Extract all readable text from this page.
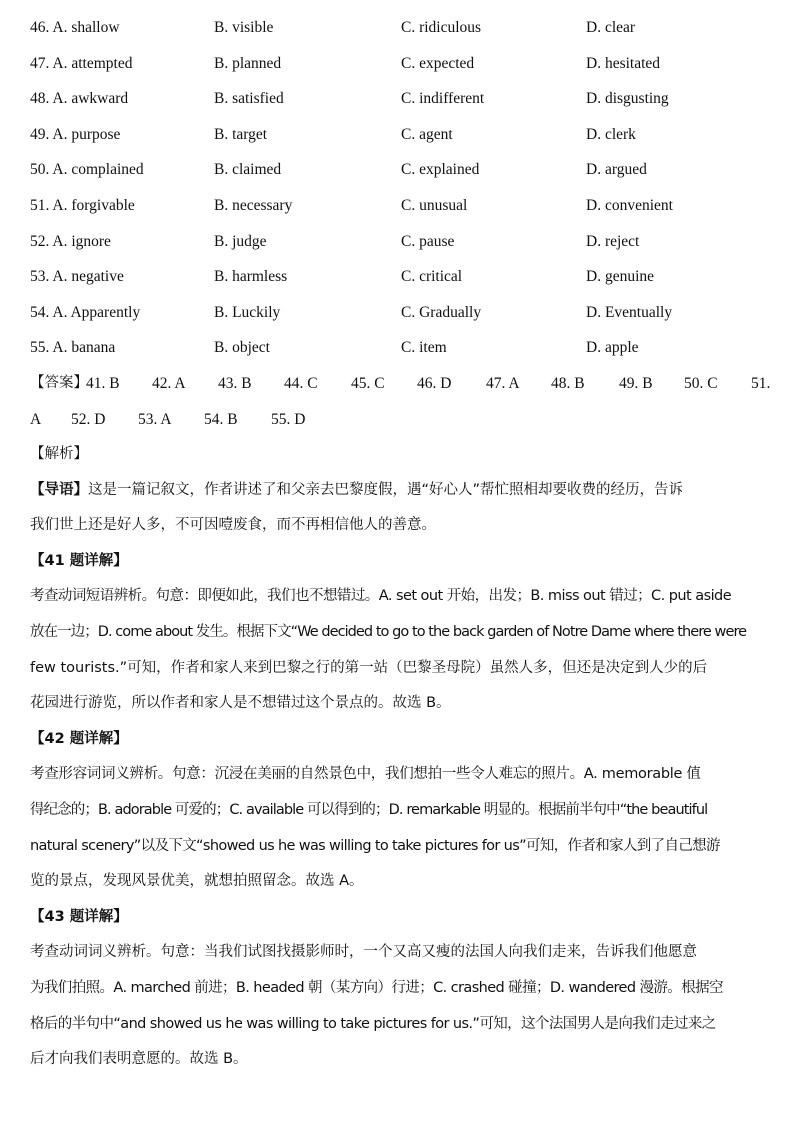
46. A. shallow	B. visible	C. ridiculous	D. clear
47. A. attempted	B. planned	C. expected	D. hesitated
48. A. awkward	B. satisfied	C. indifferent	D. disgusting
49. A. purpose	B. target	C. agent	D. clerk
50. A. complained	B. claimed	C. explained	D. argued
51. A. forgivable	B. necessary	C. unusual	D. convenient
52. A. ignore	B. judge	C. pause	D. reject
53. A. negative	B. harmless	C. critical	D. genuine
54. A. Apparently	B. Luckily	C. Gradually	D. Eventually
55. A. banana	B. object	C. item	D. apple
【答案】
41. B 42. A 43. B 44. C 45. C 46. D 47. A 48. B 49. B 50. C 51.
A 52. D 53. A 54. B 55. D
【解析】
【导语】这是一篇记叙文，作者讲述了和父亲去巴黎度假，遇“好心人”帮忙照相却要收费的经历，告诉
我们世上还是好人多，不可因噎废食，而不再相信他人的善意。
【41 题详解】
考查动词短语辨析。句意：即便如此，我们也不想错过。A. set out 开始，出发；B. miss out 错过；C. put aside
放在一边；D. come about 发生。根据下文“We decided to go to the back garden of Notre Dame where there were
few tourists.”可知，作者和家人来到巴黎之行的第一站（巴黎圣母院）虽然人多，但还是决定到人少的后
花园进行游览，所以作者和家人是不想错过这个景点的。故选 B。
【42 题详解】
考查形容词词义辨析。句意：沉浸在美丽的自然景色中，我们想拍一些令人难忘的照片。A. memorable 值
得纪念的；B. adorable 可爱的；C. available 可以得到的；D. remarkable 明显的。根据前半句中“the beautiful
natural scenery”以及下文“showed us he was willing to take pictures for us”可知，作者和家人到了自己想游
览的景点，发现风景优美，就想拍照留念。故选 A。
【43 题详解】
考查动词词义辨析。句意：当我们试图找摄影师时，一个又高又瘦的法国人向我们走来，告诉我们他愿意
为我们拍照。A. marched 前进；B. headed 朝（某方向）行进；C. crashed 碰撞；D. wandered 漫游。根据空
格后的半句中“and showed us he was willing to take pictures for us.”可知，这个法国男人是向我们走过来之
后才向我们表明意愿的。故选 B。
